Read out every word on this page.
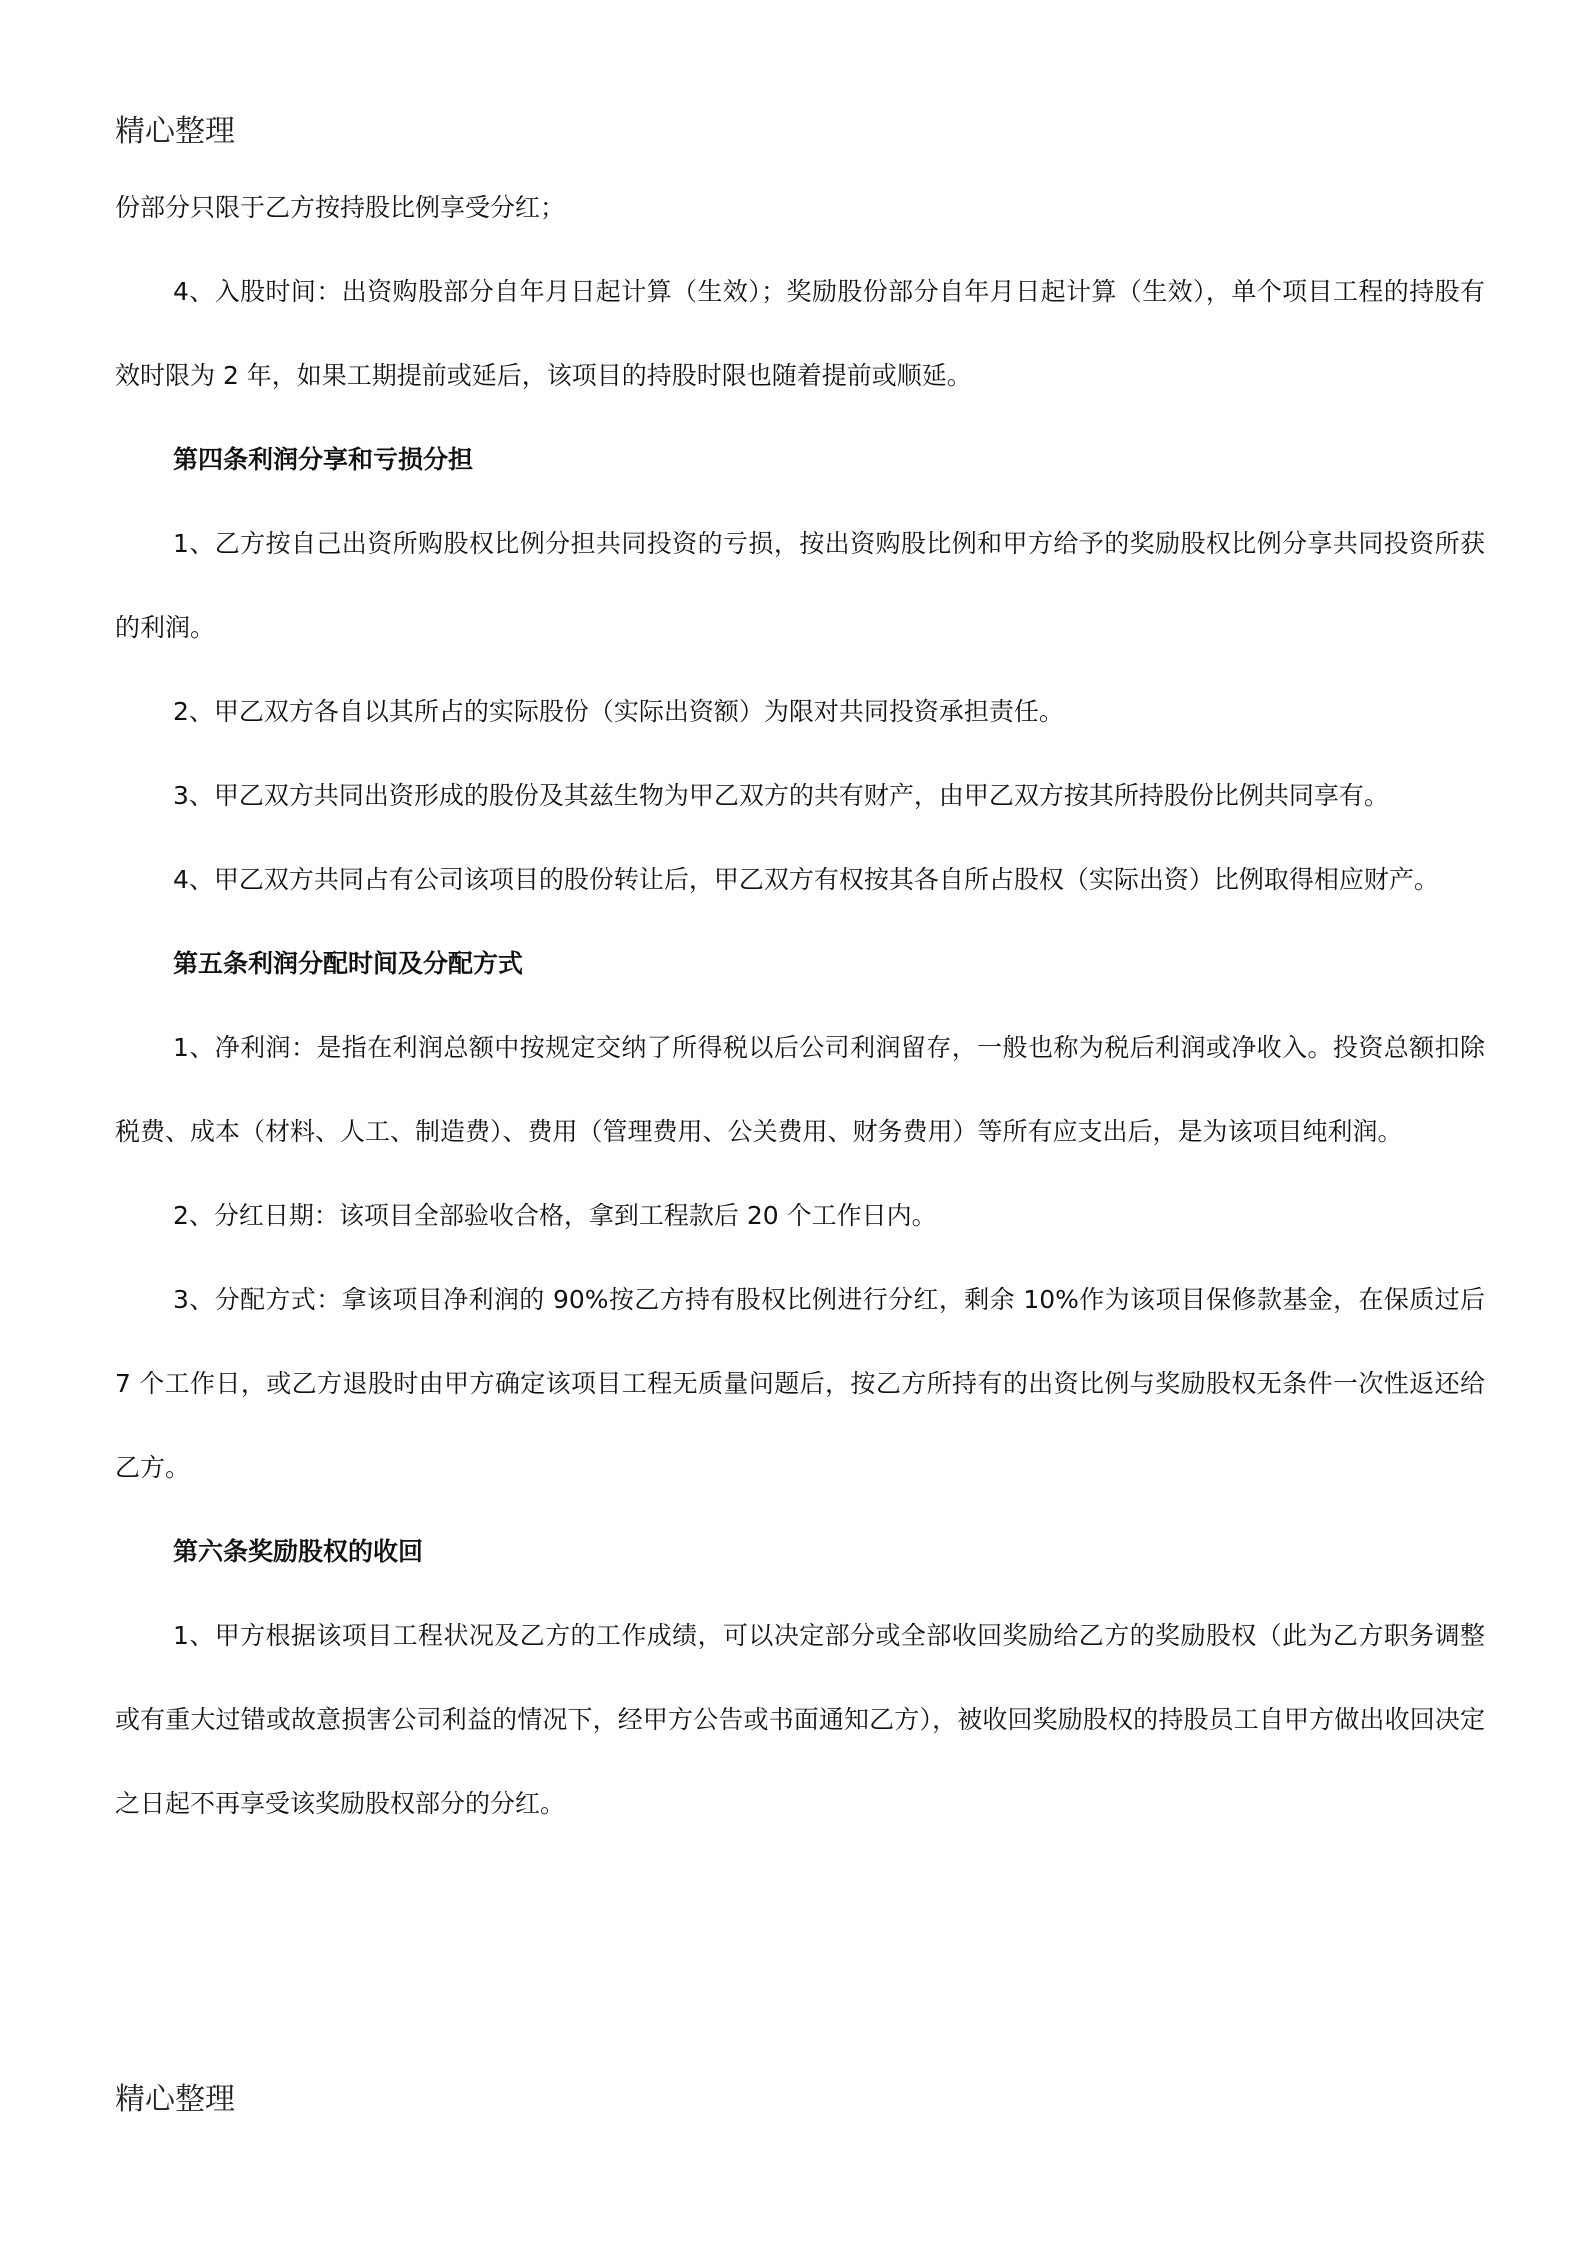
精心整理

份部分只限于乙方按持股比例享受分红；

4、入股时间：出资购股部分自年月日起计算（生效）；奖励股份部分自年月日起计算（生效），单个项目工程的持股有效时限为 2 年，如果工期提前或延后，该项目的持股时限也随着提前或顺延。

第四条利润分享和亏损分担

1、乙方按自己出资所购股权比例分担共同投资的亏损，按出资购股比例和甲方给予的奖励股权比例分享共同投资所获的利润。

2、甲乙双方各自以其所占的实际股份（实际出资额）为限对共同投资承担责任。

3、甲乙双方共同出资形成的股份及其兹生物为甲乙双方的共有财产，由甲乙双方按其所持股份比例共同享有。

4、甲乙双方共同占有公司该项目的股份转让后，甲乙双方有权按其各自所占股权（实际出资）比例取得相应财产。

第五条利润分配时间及分配方式

1、净利润：是指在利润总额中按规定交纳了所得税以后公司利润留存，一般也称为税后利润或净收入。投资总额扣除税费、成本（材料、人工、制造费）、费用（管理费用、公关费用、财务费用）等所有应支出后，是为该项目纯利润。

2、分红日期：该项目全部验收合格，拿到工程款后 20 个工作日内。

3、分配方式：拿该项目净利润的 90%按乙方持有股权比例进行分红，剩余 10%作为该项目保修款基金，在保质过后 7 个工作日，或乙方退股时由甲方确定该项目工程无质量问题后，按乙方所持有的出资比例与奖励股权无条件一次性返还给乙方。

第六条奖励股权的收回

1、甲方根据该项目工程状况及乙方的工作成绩，可以决定部分或全部收回奖励给乙方的奖励股权（此为乙方职务调整或有重大过错或故意损害公司利益的情况下，经甲方公告或书面通知乙方），被收回奖励股权的持股员工自甲方做出收回决定之日起不再享受该奖励股权部分的分红。

精心整理
